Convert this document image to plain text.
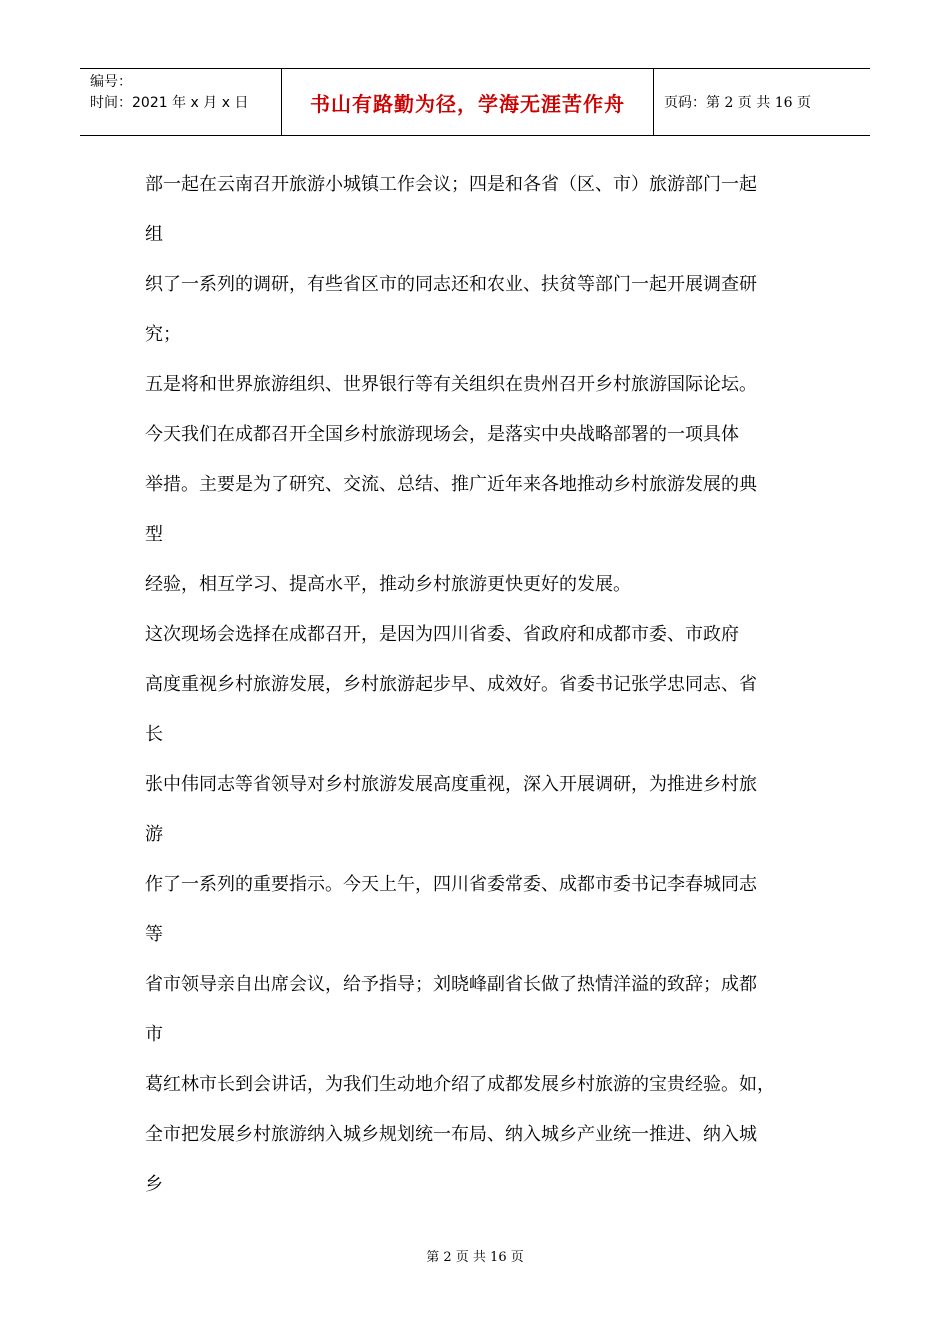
编号：
时间：2021 年 x 月 x 日	书山有路勤为径，学海无涯苦作舟	页码：第 2 页 共 16 页

部一起在云南召开旅游小城镇工作会议；四是和各省（区、市）旅游部门一起

组

织了一系列的调研，有些省区市的同志还和农业、扶贫等部门一起开展调查研

究；

五是将和世界旅游组织、世界银行等有关组织在贵州召开乡村旅游国际论坛。

今天我们在成都召开全国乡村旅游现场会，是落实中央战略部署的一项具体

举措。主要是为了研究、交流、总结、推广近年来各地推动乡村旅游发展的典

型

经验，相互学习、提高水平，推动乡村旅游更快更好的发展。

这次现场会选择在成都召开，是因为四川省委、省政府和成都市委、市政府

高度重视乡村旅游发展，乡村旅游起步早、成效好。省委书记张学忠同志、省

长

张中伟同志等省领导对乡村旅游发展高度重视，深入开展调研，为推进乡村旅

游

作了一系列的重要指示。今天上午，四川省委常委、成都市委书记李春城同志

等

省市领导亲自出席会议，给予指导；刘晓峰副省长做了热情洋溢的致辞；成都

市

葛红林市长到会讲话，为我们生动地介绍了成都发展乡村旅游的宝贵经验。如，

全市把发展乡村旅游纳入城乡规划统一布局、纳入城乡产业统一推进、纳入城

乡

第 2 页 共 16 页
